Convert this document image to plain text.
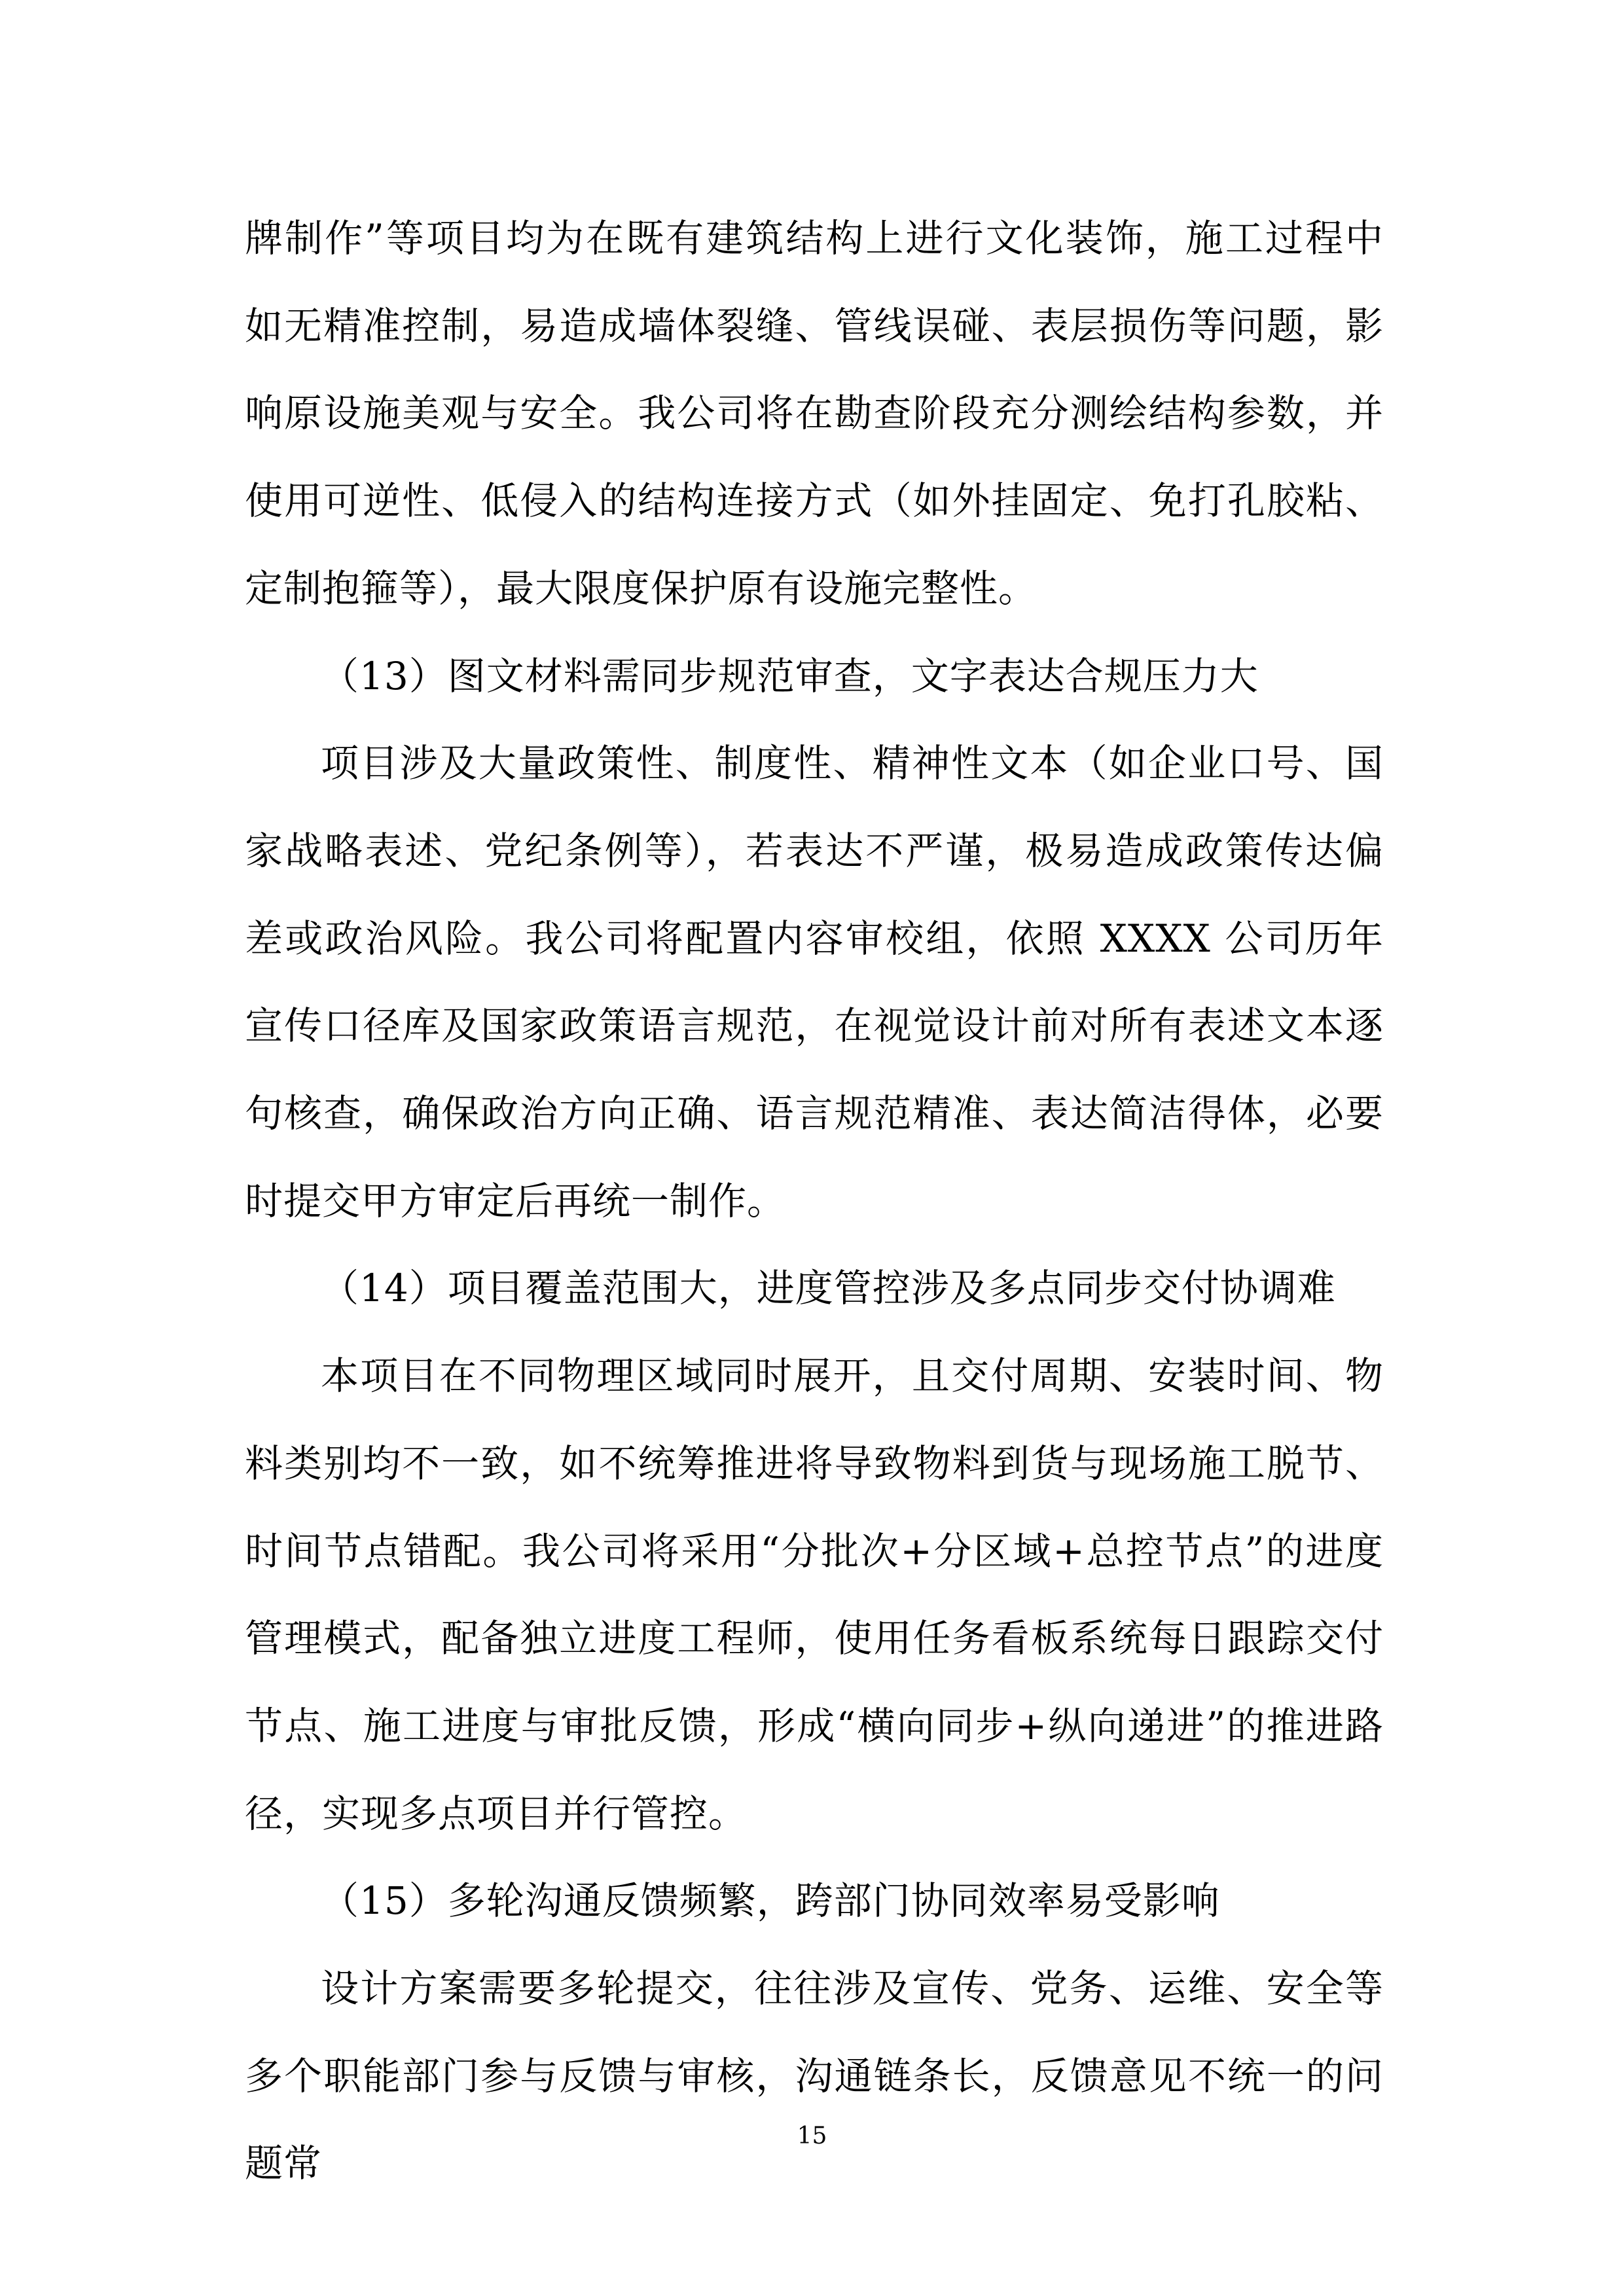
牌制作”等项目均为在既有建筑结构上进行文化装饰，施工过程中如无精准控制，易造成墙体裂缝、管线误碰、表层损伤等问题，影响原设施美观与安全。我公司将在勘查阶段充分测绘结构参数，并使用可逆性、低侵入的结构连接方式（如外挂固定、免打孔胶粘、定制抱箍等），最大限度保护原有设施完整性。

（13）图文材料需同步规范审查，文字表达合规压力大

项目涉及大量政策性、制度性、精神性文本（如企业口号、国家战略表述、党纪条例等），若表达不严谨，极易造成政策传达偏差或政治风险。我公司将配置内容审校组，依照 XXXX 公司历年宣传口径库及国家政策语言规范，在视觉设计前对所有表述文本逐句核查，确保政治方向正确、语言规范精准、表达简洁得体，必要时提交甲方审定后再统一制作。

（14）项目覆盖范围大，进度管控涉及多点同步交付协调难

本项目在不同物理区域同时展开，且交付周期、安装时间、物料类别均不一致，如不统筹推进将导致物料到货与现场施工脱节、时间节点错配。我公司将采用“分批次+分区域+总控节点”的进度管理模式，配备独立进度工程师，使用任务看板系统每日跟踪交付节点、施工进度与审批反馈，形成“横向同步+纵向递进”的推进路径，实现多点项目并行管控。

（15）多轮沟通反馈频繁，跨部门协同效率易受影响

设计方案需要多轮提交，往往涉及宣传、党务、运维、安全等多个职能部门参与反馈与审核，沟通链条长，反馈意见不统一的问题常

15
